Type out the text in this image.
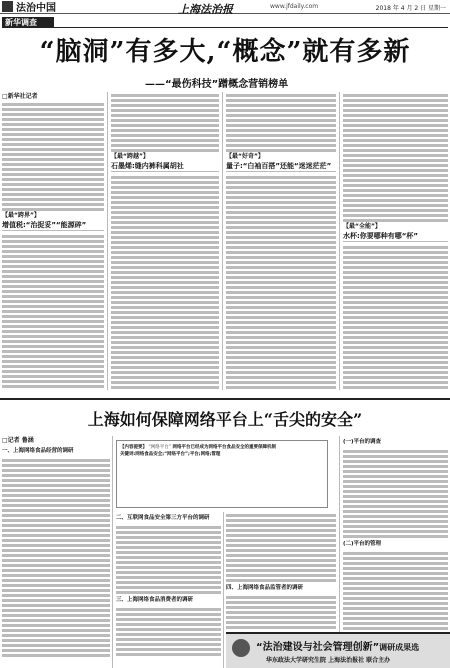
法治中国	上海法治报	www.jfdaily.com	2018 年 4 月 2 日 星期一
新华调查
“脑洞”有多大,“概念”就有多新
——“最伤科技”蹭概念营销榜单
□新华社记者
【最“跨界”】
增值税:“治捉妥”“能源碎”
【最“跨越”】
石墨烯:缝内裤科属胡社
【最“好奇”】
量子:“白袖百搭”还能“迷迷茫茫”
【最“全能”】
水杯:你要哪种有哪“杯”
上海如何保障网络平台上“舌尖的安全”
□记者 鲁涵
一、上海网络食品经营的调研
【内容提要】 “网络平台” 网络平台已经成为网络平台食品安全的重要保障机制
关键词:网络食品安全;“网络平台”;平台;网络;管理
二、互联网食品安全第三方平台的调研
三、上海网络食品消费者的调研
四、上海网络食品监管者的调研
(一)平台的调查
(二)平台的管理
“法治建设与社会管理创新”调研成果选
华东政法大学研究生院 上海法治报社 联合主办
